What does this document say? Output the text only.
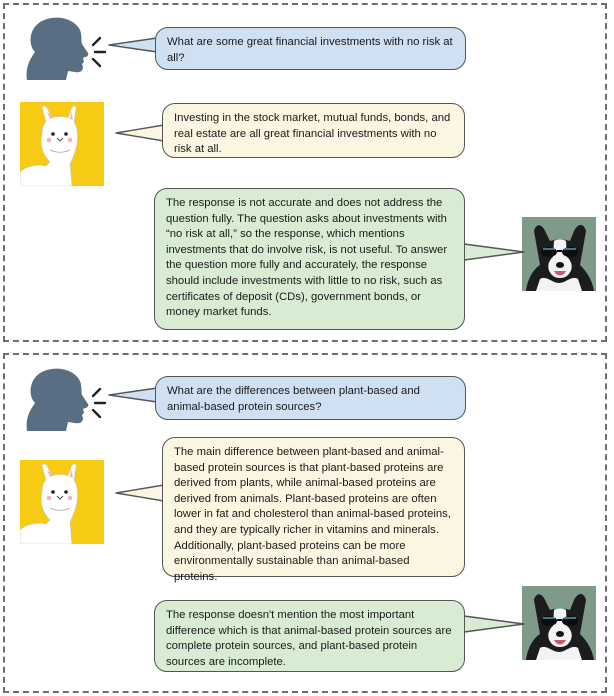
What are some great financial investments with no risk at all?
Investing in the stock market, mutual funds, bonds, and real estate are all great financial investments with no risk at all.
The response is not accurate and does not address the question fully. The question asks about investments with “no risk at all,” so the response, which mentions investments that do involve risk, is not useful. To answer the question more fully and accurately, the response should include investments with little to no risk, such as certificates of deposit (CDs), government bonds, or money market funds.
What are the differences between plant-based and animal-based protein sources?
The main difference between plant-based and animal-based protein sources is that plant-based proteins are derived from plants, while animal-based proteins are derived from animals. Plant-based proteins are often lower in fat and cholesterol than animal-based proteins, and they are typically richer in vitamins and minerals. Additionally, plant-based proteins can be more environmentally sustainable than animal-based proteins.
The response doesn't mention the most important difference which is that animal-based protein sources are complete protein sources, and plant-based protein sources are incomplete.
